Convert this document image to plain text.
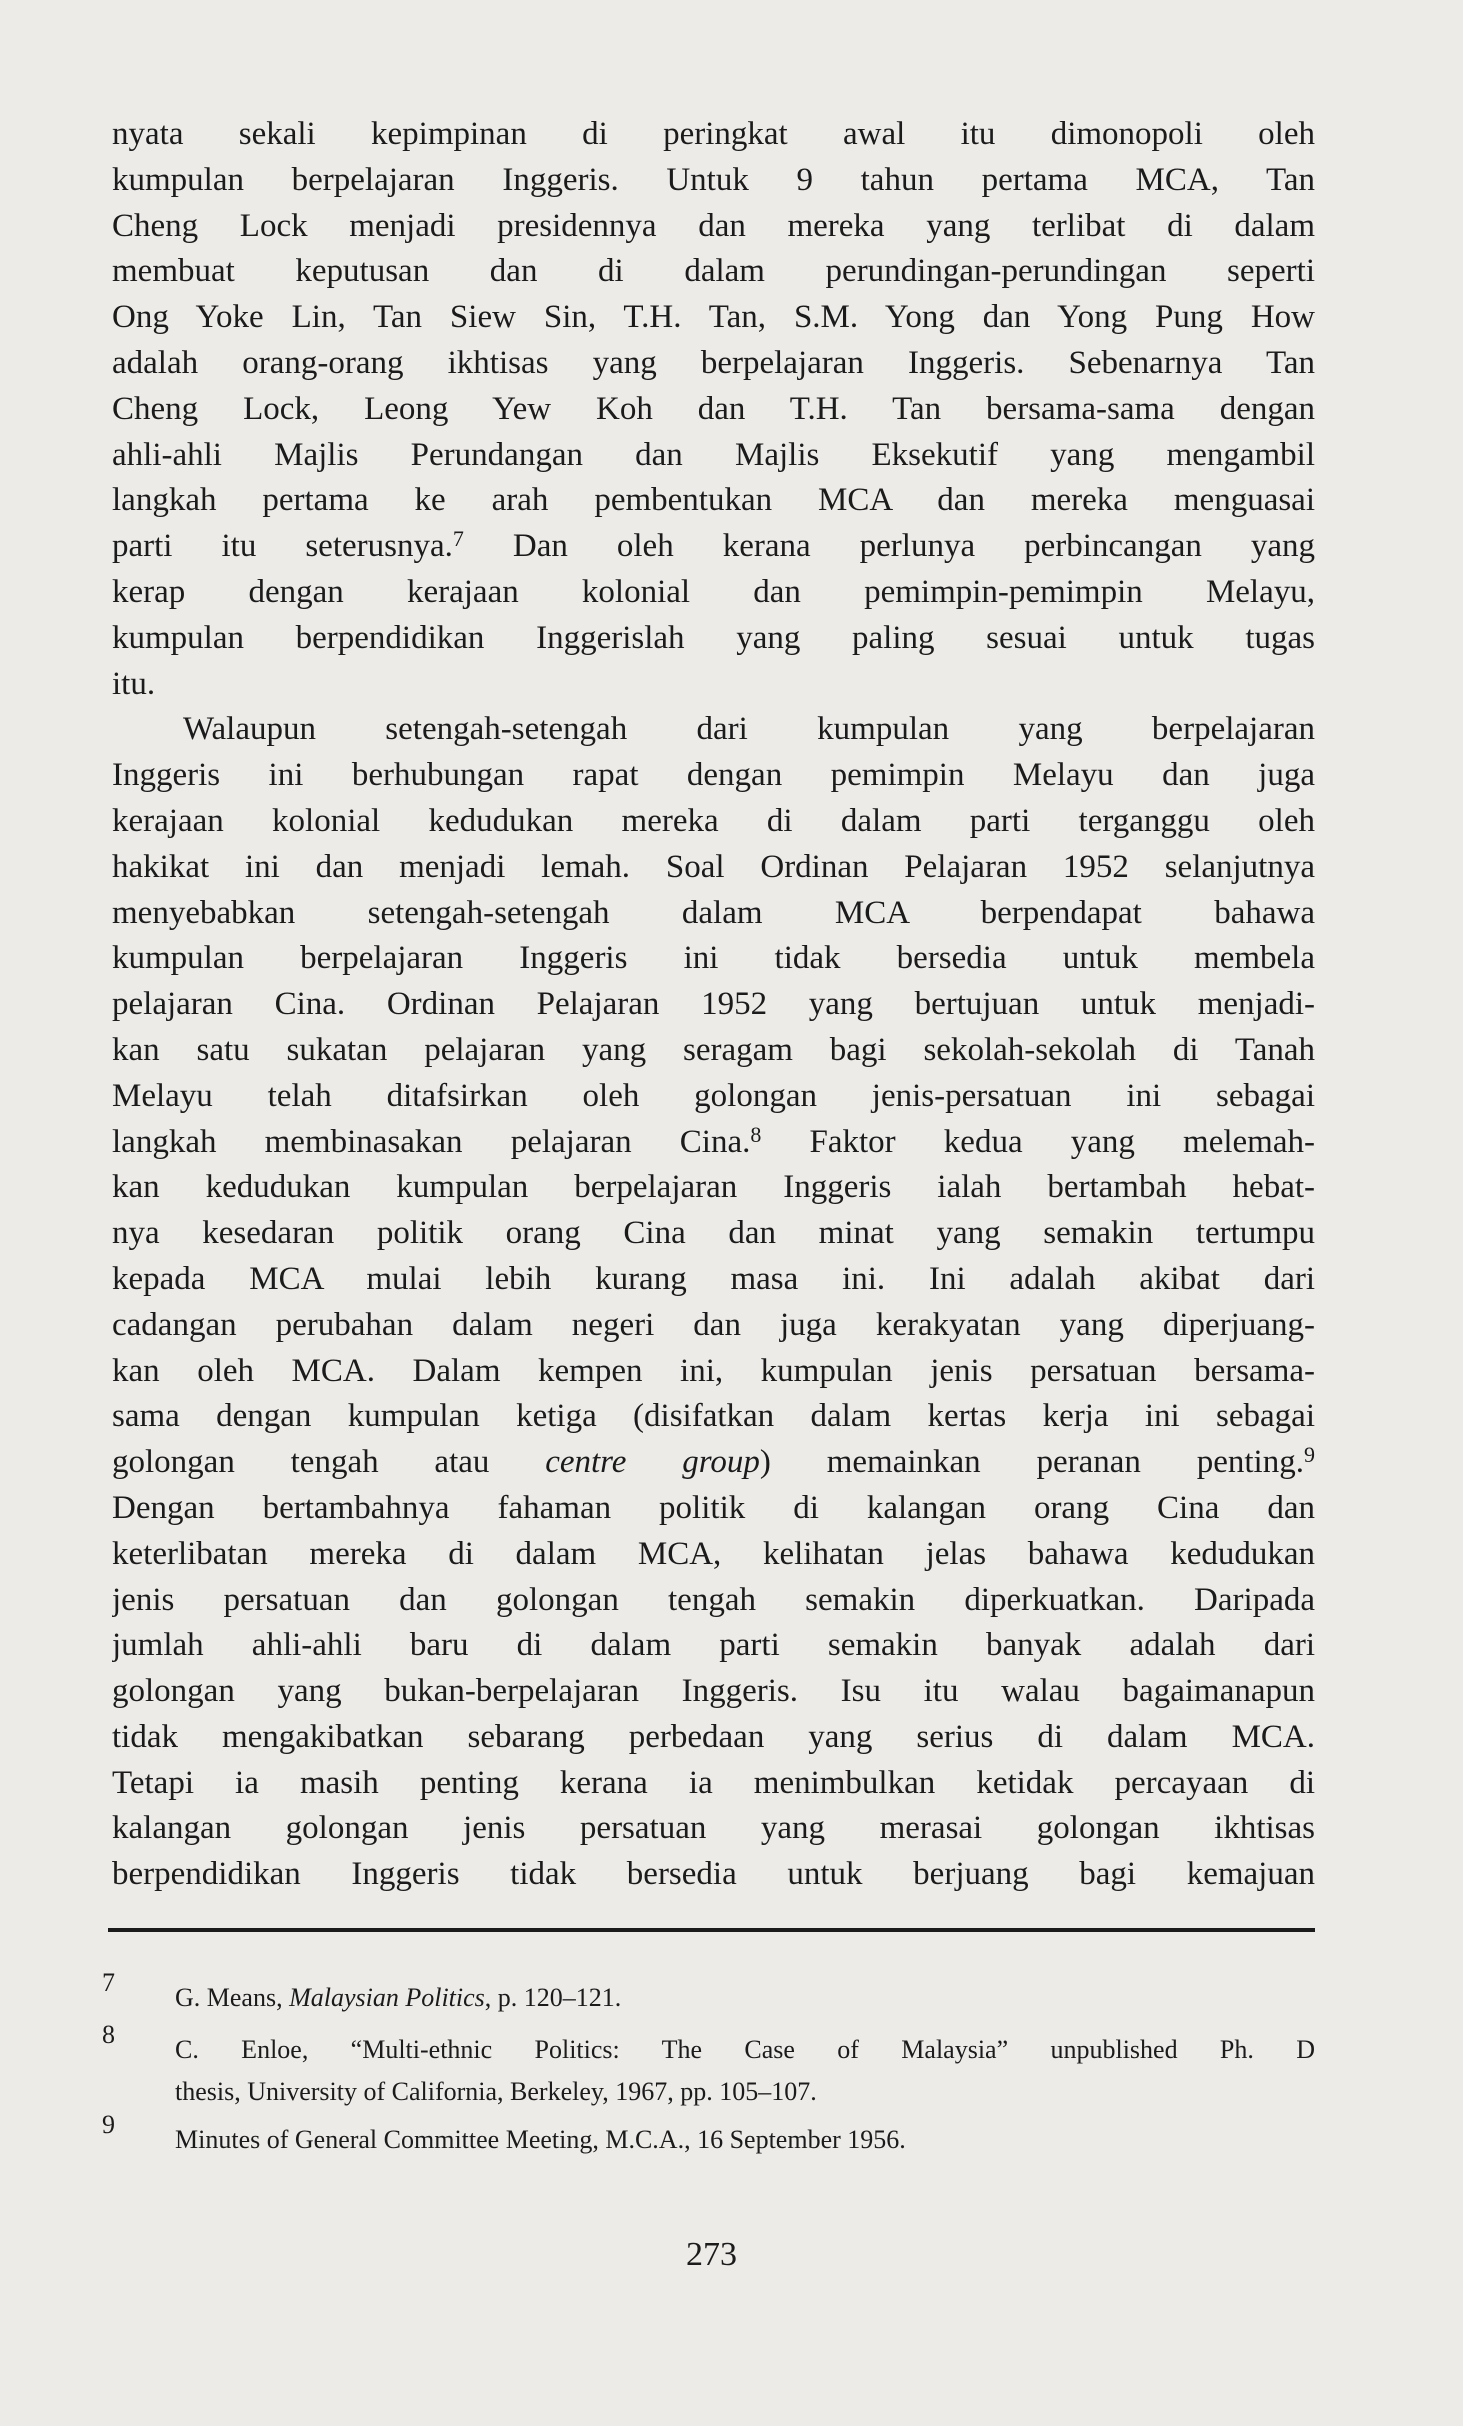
nyata sekali kepimpinan di peringkat awal itu dimonopoli oleh
kumpulan berpelajaran Inggeris. Untuk 9 tahun pertama MCA, Tan
Cheng Lock menjadi presidennya dan mereka yang terlibat di dalam
membuat keputusan dan di dalam perundingan-perundingan seperti
Ong Yoke Lin, Tan Siew Sin, T.H. Tan, S.M. Yong dan Yong Pung How
adalah orang-orang ikhtisas yang berpelajaran Inggeris. Sebenarnya Tan
Cheng Lock, Leong Yew Koh dan T.H. Tan bersama-sama dengan
ahli-ahli Majlis Perundangan dan Majlis Eksekutif yang mengambil
langkah pertama ke arah pembentukan MCA dan mereka menguasai
parti itu seterusnya.$^7$ Dan oleh kerana perlunya perbincangan yang
kerap dengan kerajaan kolonial dan pemimpin-pemimpin Melayu,
kumpulan berpendidikan Inggerislah yang paling sesuai untuk tugas
itu.
Walaupun setengah-setengah dari kumpulan yang berpelajaran
Inggeris ini berhubungan rapat dengan pemimpin Melayu dan juga
kerajaan kolonial kedudukan mereka di dalam parti terganggu oleh
hakikat ini dan menjadi lemah. Soal Ordinan Pelajaran 1952 selanjutnya
menyebabkan setengah-setengah dalam MCA berpendapat bahawa
kumpulan berpelajaran Inggeris ini tidak bersedia untuk membela
pelajaran Cina. Ordinan Pelajaran 1952 yang bertujuan untuk menjadi-
kan satu sukatan pelajaran yang seragam bagi sekolah-sekolah di Tanah
Melayu telah ditafsirkan oleh golongan jenis-persatuan ini sebagai
langkah membinasakan pelajaran Cina.$^8$ Faktor kedua yang melemah-
kan kedudukan kumpulan berpelajaran Inggeris ialah bertambah hebat-
nya kesedaran politik orang Cina dan minat yang semakin tertumpu
kepada MCA mulai lebih kurang masa ini. Ini adalah akibat dari
cadangan perubahan dalam negeri dan juga kerakyatan yang diperjuang-
kan oleh MCA. Dalam kempen ini, kumpulan jenis persatuan bersama-
sama dengan kumpulan ketiga (disifatkan dalam kertas kerja ini sebagai
golongan tengah atau centre group) memainkan peranan penting.$^9$
Dengan bertambahnya fahaman politik di kalangan orang Cina dan
keterlibatan mereka di dalam MCA, kelihatan jelas bahawa kedudukan
jenis persatuan dan golongan tengah semakin diperkuatkan. Daripada
jumlah ahli-ahli baru di dalam parti semakin banyak adalah dari
golongan yang bukan-berpelajaran Inggeris. Isu itu walau bagaimanapun
tidak mengakibatkan sebarang perbedaan yang serius di dalam MCA.
Tetapi ia masih penting kerana ia menimbulkan ketidak percayaan di
kalangan golongan jenis persatuan yang merasai golongan ikhtisas
berpendidikan Inggeris tidak bersedia untuk berjuang bagi kemajuan
7
G. Means, Malaysian Politics, p. 120–121.
8
C. Enloe, “Multi-ethnic Politics: The Case of Malaysia” unpublished Ph. D
thesis, University of California, Berkeley, 1967, pp. 105–107.
9
Minutes of General Committee Meeting, M.C.A., 16 September 1956.
273
